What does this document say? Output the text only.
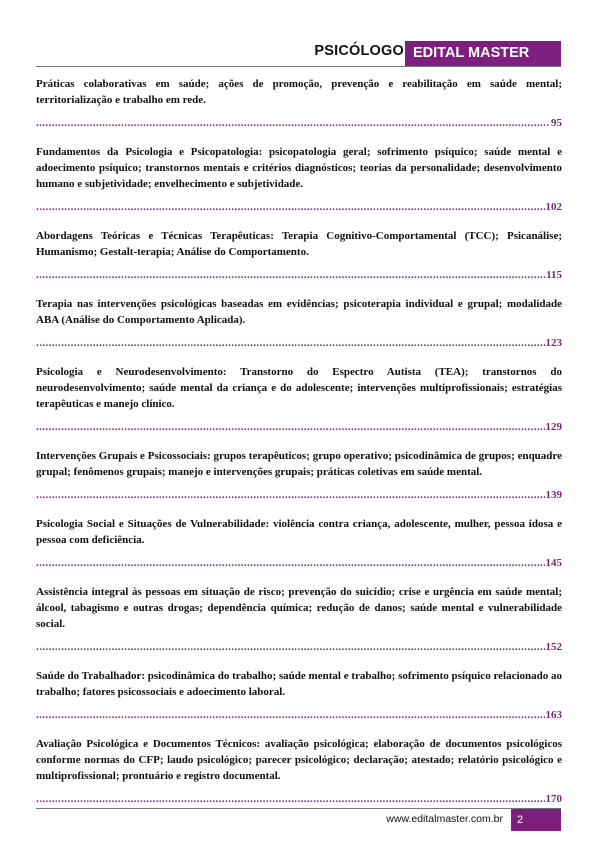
PSICÓLOGO EDITAL MASTER

Práticas colaborativas em saúde; ações de promoção, prevenção e reabilitação em saúde mental; territorialização e trabalho em rede.

.....
95

Fundamentos da Psicologia e Psicopatologia: psicopatologia geral; sofrimento psíquico; saúde mental e adoecimento psíquico; transtornos mentais e critérios diagnósticos; teorias da personalidade; desenvolvimento humano e subjetividade; envelhecimento e subjetividade.

.....
102

Abordagens Teóricas e Técnicas Terapêuticas: Terapia Cognitivo-Comportamental (TCC); Psicanálise; Humanismo; Gestalt-terapia; Análise do Comportamento.

.....
115

Terapia nas intervenções psicológicas baseadas em evidências; psicoterapia individual e grupal; modalidade ABA (Análise do Comportamento Aplicada).

.....
123

Psicologia e Neurodesenvolvimento: Transtorno do Espectro Autista (TEA); transtornos do neurodesenvolvimento; saúde mental da criança e do adolescente; intervenções multiprofissionais; estratégias terapêuticas e manejo clínico.

.....
129

Intervenções Grupais e Psicossociais: grupos terapêuticos; grupo operativo; psicodinâmica de grupos; enquadre grupal; fenômenos grupais; manejo e intervenções grupais; práticas coletivas em saúde mental.

.....
139

Psicologia Social e Situações de Vulnerabilidade: violência contra criança, adolescente, mulher, pessoa idosa e pessoa com deficiência.

.....
145

Assistência integral às pessoas em situação de risco; prevenção do suicídio; crise e urgência em saúde mental; álcool, tabagismo e outras drogas; dependência química; redução de danos; saúde mental e vulnerabilidade social.

.....
152

Saúde do Trabalhador: psicodinâmica do trabalho; saúde mental e trabalho; sofrimento psíquico relacionado ao trabalho; fatores psicossociais e adoecimento laboral.

.....
163

Avaliação Psicológica e Documentos Técnicos: avaliação psicológica; elaboração de documentos psicológicos conforme normas do CFP; laudo psicológico; parecer psicológico; declaração; atestado; relatório psicológico e multiprofissional; prontuário e registro documental.

.....
170
www.editalmaster.com.br	2
